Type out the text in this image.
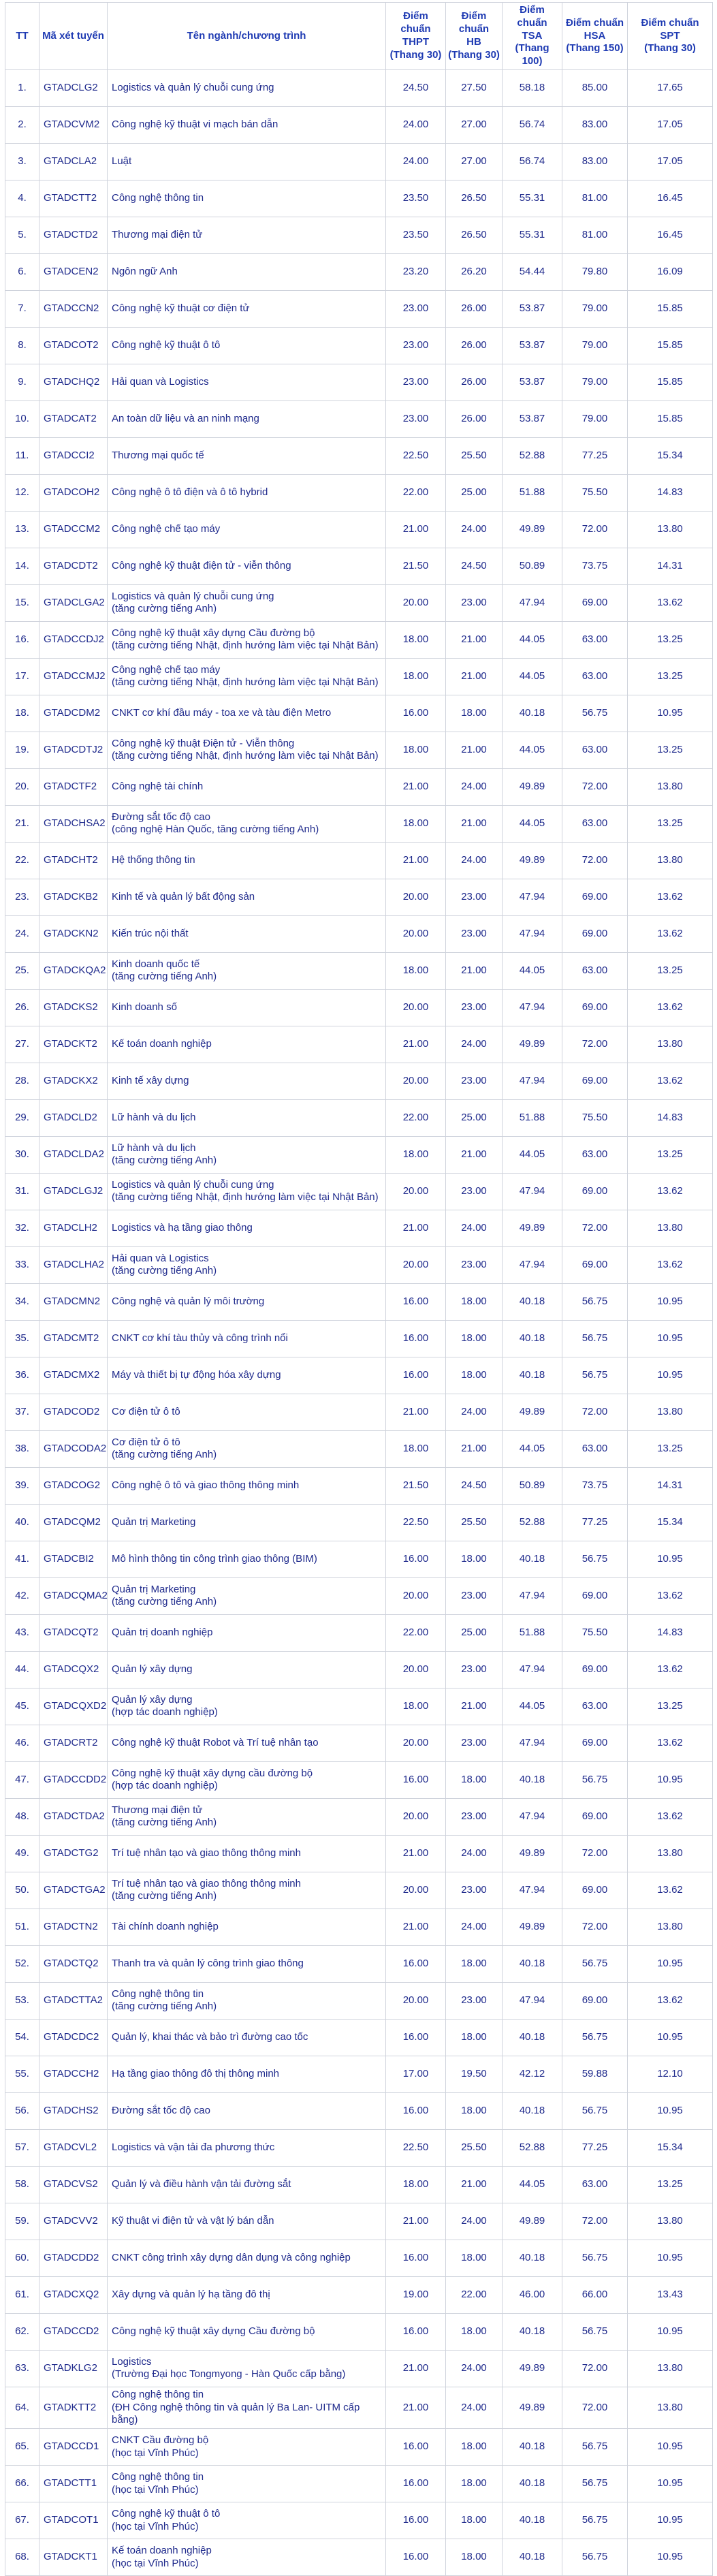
TT	Mã xét tuyển	Tên ngành/chương trình	Điểm chuẩn
THPT
(Thang 30)	Điểm chuẩn
HB
(Thang 30)	Điểm chuẩn
TSA
(Thang 100)	Điểm chuẩn
HSA
(Thang 150)	Điểm chuẩn
SPT
(Thang 30)

1.	GTADCLG2	Logistics và quản lý chuỗi cung ứng	24.50	27.50	58.18	85.00	17.65
2.	GTADCVM2	Công nghệ kỹ thuật vi mạch bán dẫn	24.00	27.00	56.74	83.00	17.05
3.	GTADCLA2	Luật	24.00	27.00	56.74	83.00	17.05
4.	GTADCTT2	Công nghệ thông tin	23.50	26.50	55.31	81.00	16.45
5.	GTADCTD2	Thương mại điện tử	23.50	26.50	55.31	81.00	16.45
6.	GTADCEN2	Ngôn ngữ Anh	23.20	26.20	54.44	79.80	16.09
7.	GTADCCN2	Công nghệ kỹ thuật cơ điện tử	23.00	26.00	53.87	79.00	15.85
8.	GTADCOT2	Công nghệ kỹ thuật ô tô	23.00	26.00	53.87	79.00	15.85
9.	GTADCHQ2	Hải quan và Logistics	23.00	26.00	53.87	79.00	15.85
10.	GTADCAT2	An toàn dữ liệu và an ninh mạng	23.00	26.00	53.87	79.00	15.85
11.	GTADCCI2	Thương mại quốc tế	22.50	25.50	52.88	77.25	15.34
12.	GTADCOH2	Công nghệ ô tô điện và ô tô hybrid	22.00	25.00	51.88	75.50	14.83
13.	GTADCCM2	Công nghệ chế tạo máy	21.00	24.00	49.89	72.00	13.80
14.	GTADCDT2	Công nghệ kỹ thuật điện tử - viễn thông	21.50	24.50	50.89	73.75	14.31
15.	GTADCLGA2	Logistics và quản lý chuỗi cung ứng
(tăng cường tiếng Anh)	20.00	23.00	47.94	69.00	13.62
16.	GTADCCDJ2	Công nghệ kỹ thuật xây dựng Cầu đường bộ
(tăng cường tiếng Nhật, định hướng làm việc tại Nhật Bản)	18.00	21.00	44.05	63.00	13.25
17.	GTADCCMJ2	Công nghệ chế tạo máy
(tăng cường tiếng Nhật, định hướng làm việc tại Nhật Bản)	18.00	21.00	44.05	63.00	13.25
18.	GTADCDM2	CNKT cơ khí đầu máy - toa xe và tàu điện Metro	16.00	18.00	40.18	56.75	10.95
19.	GTADCDTJ2	Công nghệ kỹ thuật Điện tử - Viễn thông
(tăng cường tiếng Nhật, định hướng làm việc tại Nhật Bản)	18.00	21.00	44.05	63.00	13.25
20.	GTADCTF2	Công nghệ tài chính	21.00	24.00	49.89	72.00	13.80
21.	GTADCHSA2	Đường sắt tốc độ cao
(công nghệ Hàn Quốc, tăng cường tiếng Anh)	18.00	21.00	44.05	63.00	13.25
22.	GTADCHT2	Hệ thống thông tin	21.00	24.00	49.89	72.00	13.80
23.	GTADCKB2	Kinh tế và quản lý bất động sản	20.00	23.00	47.94	69.00	13.62
24.	GTADCKN2	Kiến trúc nội thất	20.00	23.00	47.94	69.00	13.62
25.	GTADCKQA2	Kinh doanh quốc tế
(tăng cường tiếng Anh)	18.00	21.00	44.05	63.00	13.25
26.	GTADCKS2	Kinh doanh số	20.00	23.00	47.94	69.00	13.62
27.	GTADCKT2	Kế toán doanh nghiệp	21.00	24.00	49.89	72.00	13.80
28.	GTADCKX2	Kinh tế xây dựng	20.00	23.00	47.94	69.00	13.62
29.	GTADCLD2	Lữ hành và du lịch	22.00	25.00	51.88	75.50	14.83
30.	GTADCLDA2	Lữ hành và du lịch
(tăng cường tiếng Anh)	18.00	21.00	44.05	63.00	13.25
31.	GTADCLGJ2	Logistics và quản lý chuỗi cung ứng
(tăng cường tiếng Nhật, định hướng làm việc tại Nhật Bản)	20.00	23.00	47.94	69.00	13.62
32.	GTADCLH2	Logistics và hạ tầng giao thông	21.00	24.00	49.89	72.00	13.80
33.	GTADCLHA2	Hải quan và Logistics
(tăng cường tiếng Anh)	20.00	23.00	47.94	69.00	13.62
34.	GTADCMN2	Công nghệ và quản lý môi trường	16.00	18.00	40.18	56.75	10.95
35.	GTADCMT2	CNKT cơ khí tàu thủy và công trình nổi	16.00	18.00	40.18	56.75	10.95
36.	GTADCMX2	Máy và thiết bị tự động hóa xây dựng	16.00	18.00	40.18	56.75	10.95
37.	GTADCOD2	Cơ điện tử ô tô	21.00	24.00	49.89	72.00	13.80
38.	GTADCODA2	Cơ điện tử ô tô
(tăng cường tiếng Anh)	18.00	21.00	44.05	63.00	13.25
39.	GTADCOG2	Công nghệ ô tô và giao thông thông minh	21.50	24.50	50.89	73.75	14.31
40.	GTADCQM2	Quản trị Marketing	22.50	25.50	52.88	77.25	15.34
41.	GTADCBI2	Mô hình thông tin công trình giao thông (BIM)	16.00	18.00	40.18	56.75	10.95
42.	GTADCQMA2	Quản trị Marketing
(tăng cường tiếng Anh)	20.00	23.00	47.94	69.00	13.62
43.	GTADCQT2	Quản trị doanh nghiệp	22.00	25.00	51.88	75.50	14.83
44.	GTADCQX2	Quản lý xây dựng	20.00	23.00	47.94	69.00	13.62
45.	GTADCQXD2	Quản lý xây dựng
(hợp tác doanh nghiệp)	18.00	21.00	44.05	63.00	13.25
46.	GTADCRT2	Công nghệ kỹ thuật Robot và Trí tuệ nhân tạo	20.00	23.00	47.94	69.00	13.62
47.	GTADCCDD2	Công nghệ kỹ thuật xây dựng cầu đường bộ
(hợp tác doanh nghiệp)	16.00	18.00	40.18	56.75	10.95
48.	GTADCTDA2	Thương mại điện tử
(tăng cường tiếng Anh)	20.00	23.00	47.94	69.00	13.62
49.	GTADCTG2	Trí tuệ nhân tạo và giao thông thông minh	21.00	24.00	49.89	72.00	13.80
50.	GTADCTGA2	Trí tuệ nhân tạo và giao thông thông minh
(tăng cường tiếng Anh)	20.00	23.00	47.94	69.00	13.62
51.	GTADCTN2	Tài chính doanh nghiệp	21.00	24.00	49.89	72.00	13.80
52.	GTADCTQ2	Thanh tra và quản lý công trình giao thông	16.00	18.00	40.18	56.75	10.95
53.	GTADCTTA2	Công nghệ thông tin
(tăng cường tiếng Anh)	20.00	23.00	47.94	69.00	13.62
54.	GTADCDC2	Quản lý, khai thác và bảo trì đường cao tốc	16.00	18.00	40.18	56.75	10.95
55.	GTADCCH2	Hạ tầng giao thông đô thị thông minh	17.00	19.50	42.12	59.88	12.10
56.	GTADCHS2	Đường sắt tốc độ cao	16.00	18.00	40.18	56.75	10.95
57.	GTADCVL2	Logistics và vận tải đa phương thức	22.50	25.50	52.88	77.25	15.34
58.	GTADCVS2	Quản lý và điều hành vận tải đường sắt	18.00	21.00	44.05	63.00	13.25
59.	GTADCVV2	Kỹ thuật vi điện tử và vật lý bán dẫn	21.00	24.00	49.89	72.00	13.80
60.	GTADCDD2	CNKT công trình xây dựng dân dụng và công nghiệp	16.00	18.00	40.18	56.75	10.95
61.	GTADCXQ2	Xây dựng và quản lý hạ tầng đô thị	19.00	22.00	46.00	66.00	13.43
62.	GTADCCD2	Công nghệ kỹ thuật xây dựng Cầu đường bộ	16.00	18.00	40.18	56.75	10.95
63.	GTADKLG2	Logistics
(Trường Đại học Tongmyong - Hàn Quốc cấp bằng)	21.00	24.00	49.89	72.00	13.80
64.	GTADKTT2	Công nghệ thông tin
(ĐH Công nghệ thông tin và quản lý Ba Lan- UITM cấp bằng)	21.00	24.00	49.89	72.00	13.80
65.	GTADCCD1	CNKT Cầu đường bộ
(học tại Vĩnh Phúc)	16.00	18.00	40.18	56.75	10.95
66.	GTADCTT1	Công nghệ thông tin
(học tại Vĩnh Phúc)	16.00	18.00	40.18	56.75	10.95
67.	GTADCOT1	Công nghệ kỹ thuật ô tô
(học tại Vĩnh Phúc)	16.00	18.00	40.18	56.75	10.95
68.	GTADCKT1	Kế toán doanh nghiệp
(học tại Vĩnh Phúc)	16.00	18.00	40.18	56.75	10.95
